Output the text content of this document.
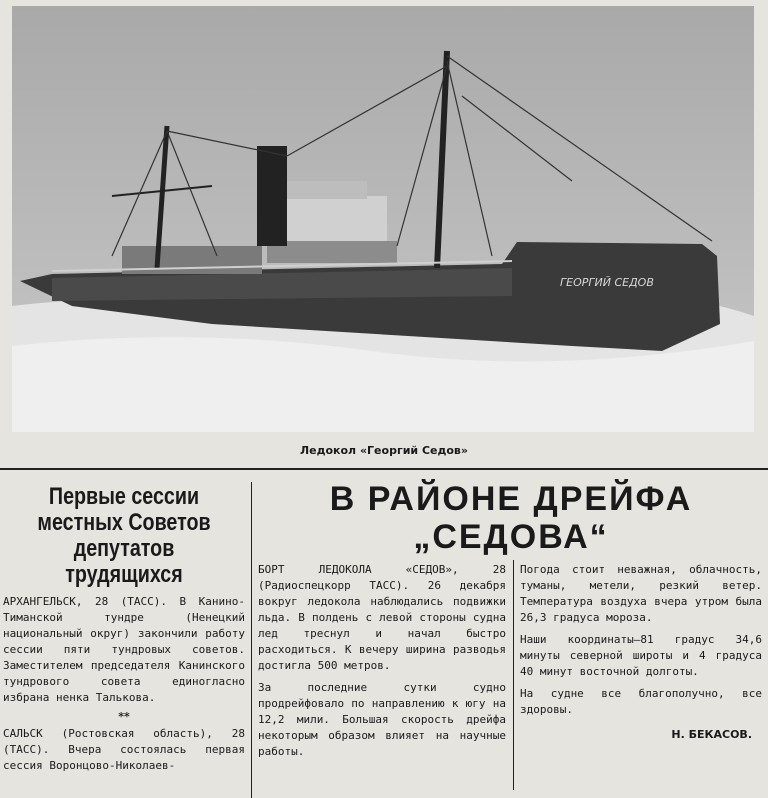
ГЕОРГИЙ СЕДОВ
Ледокол «Георгий Седов»
Первые сессии местных Советов депутатов трудящихся

АРХАНГЕЛЬСК, 28 (ТАСС). В Канино-Тиманской тундре (Ненецкий национальный округ) закончили работу сессии пяти тундровых советов. Заместителем председателя Канинского тундрового совета единогласно избрана ненка Талькова.

**

САЛЬСК (Ростовская область), 28 (ТАСС). Вчера состоялась первая сессия Воронцово-Николаев-

В РАЙОНЕ ДРЕЙФА
„СЕДОВА“

БОРТ ЛЕДОКОЛА «СЕДОВ», 28 (Радиоспецкорр ТАСС). 26 декабря вокруг ледокола наблюдались подвижки льда. В полдень с левой стороны судна лед треснул и начал быстро расходиться. К вечеру ширина разводья достигла 500 метров.

За последние сутки судно продрейфовало по направлению к югу на 12,2 мили. Большая скорость дрейфа некоторым образом влияет на научные работы.

Погода стоит неважная, облачность, туманы, метели, резкий ветер. Температура воздуха вчера утром была 26,3 градуса мороза.

Наши координаты—81 градус 34,6 минуты северной широты и 4 градуса 40 минут восточной долготы.

На судне все благополучно, все здоровы.

Н. БЕКАСОВ.
